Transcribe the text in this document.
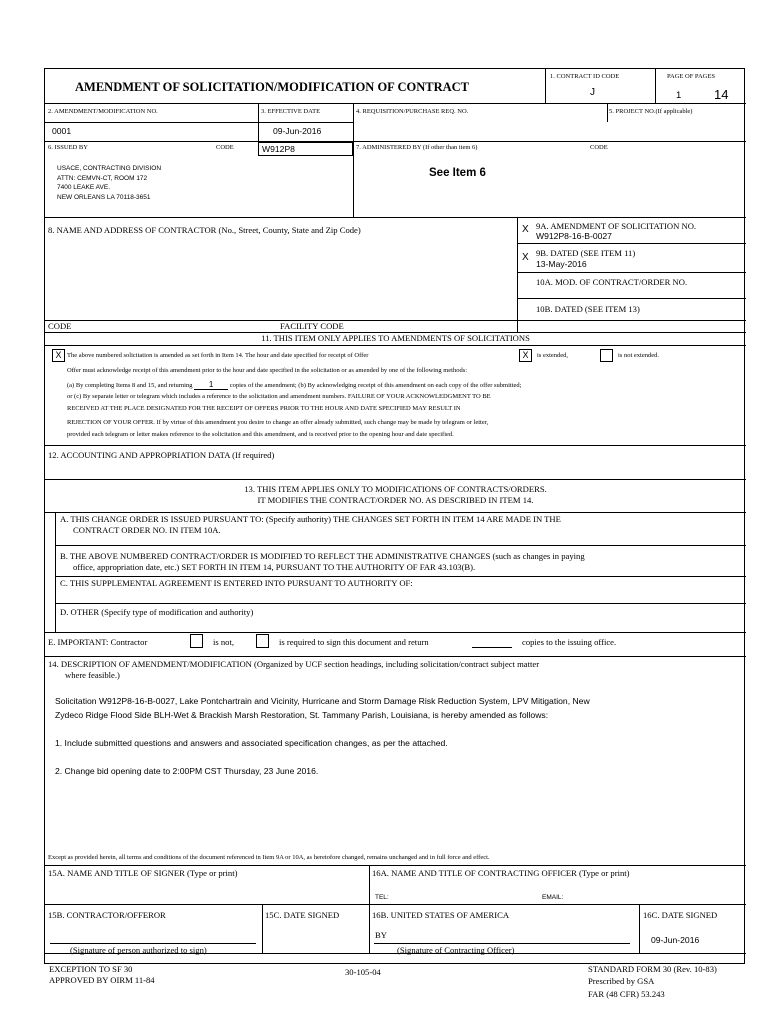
AMENDMENT OF SOLICITATION/MODIFICATION OF CONTRACT
1. CONTRACT ID CODE
J
PAGE OF PAGES
1	14
2. AMENDMENT/MODIFICATION NO.
0001
3. EFFECTIVE DATE
09-Jun-2016
4. REQUISITION/PURCHASE REQ. NO.	5. PROJECT NO.(If applicable)
6. ISSUED BY	CODE	W912P8
USACE, CONTRACTING DIVISION
ATTN: CEMVN-CT, ROOM 172
7400 LEAKE AVE.
NEW ORLEANS LA 70118-3651
7. ADMINISTERED BY (If other than item 6)	CODE
See Item 6
8. NAME AND ADDRESS OF CONTRACTOR (No., Street, County, State and Zip Code)	X 9A. AMENDMENT OF SOLICITATION NO.
W912P8-16-B-0027
X 9B. DATED (SEE ITEM 11)
13-May-2016
10A. MOD. OF CONTRACT/ORDER NO.
10B. DATED (SEE ITEM 13)
CODE	FACILITY CODE
11. THIS ITEM ONLY APPLIES TO AMENDMENTS OF SOLICITATIONS
X The above numbered solicitation is amended as set forth in Item 14. The hour and date specified for receipt of Offer	X	is extended,	is not extended.
Offer must acknowledge receipt of this amendment prior to the hour and date specified in the solicitation or as amended by one of the following methods:
(a) By completing Items 8 and 15, and returning 1	copies of the amendment; (b) By acknowledging receipt of this amendment on each copy of the offer submitted;
or (c) By separate letter or telegram which includes a reference to the solicitation and amendment numbers. FAILURE OF YOUR ACKNOWLEDGMENT TO BE
RECEIVED AT THE PLACE DESIGNATED FOR THE RECEIPT OF OFFERS PRIOR TO THE HOUR AND DATE SPECIFIED MAY RESULT IN
REJECTION OF YOUR OFFER. If by virtue of this amendment you desire to change an offer already submitted, such change may be made by telegram or letter,
provided each telegram or letter makes reference to the solicitation and this amendment, and is received prior to the opening hour and date specified.
12. ACCOUNTING AND APPROPRIATION DATA (If required)
13. THIS ITEM APPLIES ONLY TO MODIFICATIONS OF CONTRACTS/ORDERS.
IT MODIFIES THE CONTRACT/ORDER NO. AS DESCRIBED IN ITEM 14.
A. THIS CHANGE ORDER IS ISSUED PURSUANT TO: (Specify authority) THE CHANGES SET FORTH IN ITEM 14 ARE MADE IN THE
CONTRACT ORDER NO. IN ITEM 10A.
B. THE ABOVE NUMBERED CONTRACT/ORDER IS MODIFIED TO REFLECT THE ADMINISTRATIVE CHANGES (such as changes in paying
office, appropriation date, etc.) SET FORTH IN ITEM 14, PURSUANT TO THE AUTHORITY OF FAR 43.103(B).
C. THIS SUPPLEMENTAL AGREEMENT IS ENTERED INTO PURSUANT TO AUTHORITY OF:
D. OTHER (Specify type of modification and authority)
E. IMPORTANT: Contractor	is not,	is required to sign this document and return	copies to the issuing office.
14. DESCRIPTION OF AMENDMENT/MODIFICATION (Organized by UCF section headings, including solicitation/contract subject matter
where feasible.)
Solicitation W912P8-16-B-0027, Lake Pontchartrain and Vicinity, Hurricane and Storm Damage Risk Reduction System, LPV Mitigation, New
Zydeco Ridge Flood Side BLH-Wet & Brackish Marsh Restoration, St. Tammany Parish, Louisiana, is hereby amended as follows:
1. Include submitted questions and answers and associated specification changes, as per the attached.
2. Change bid opening date to 2:00PM CST Thursday, 23 June 2016.
Except as provided herein, all terms and conditions of the document referenced in Item 9A or 10A, as heretofore changed, remains unchanged and in full force and effect.
15A. NAME AND TITLE OF SIGNER (Type or print)	16A. NAME AND TITLE OF CONTRACTING OFFICER (Type or print)
TEL:	EMAIL:
15B. CONTRACTOR/OFFEROR
(Signature of person authorized to sign)
15C. DATE SIGNED	16B. UNITED STATES OF AMERICA
BY
(Signature of Contracting Officer)
16C. DATE SIGNED
09-Jun-2016
EXCEPTION TO SF 30
APPROVED BY OIRM 11-84
30-105-04	STANDARD FORM 30 (Rev. 10-83)
Prescribed by GSA
FAR (48 CFR) 53.243
